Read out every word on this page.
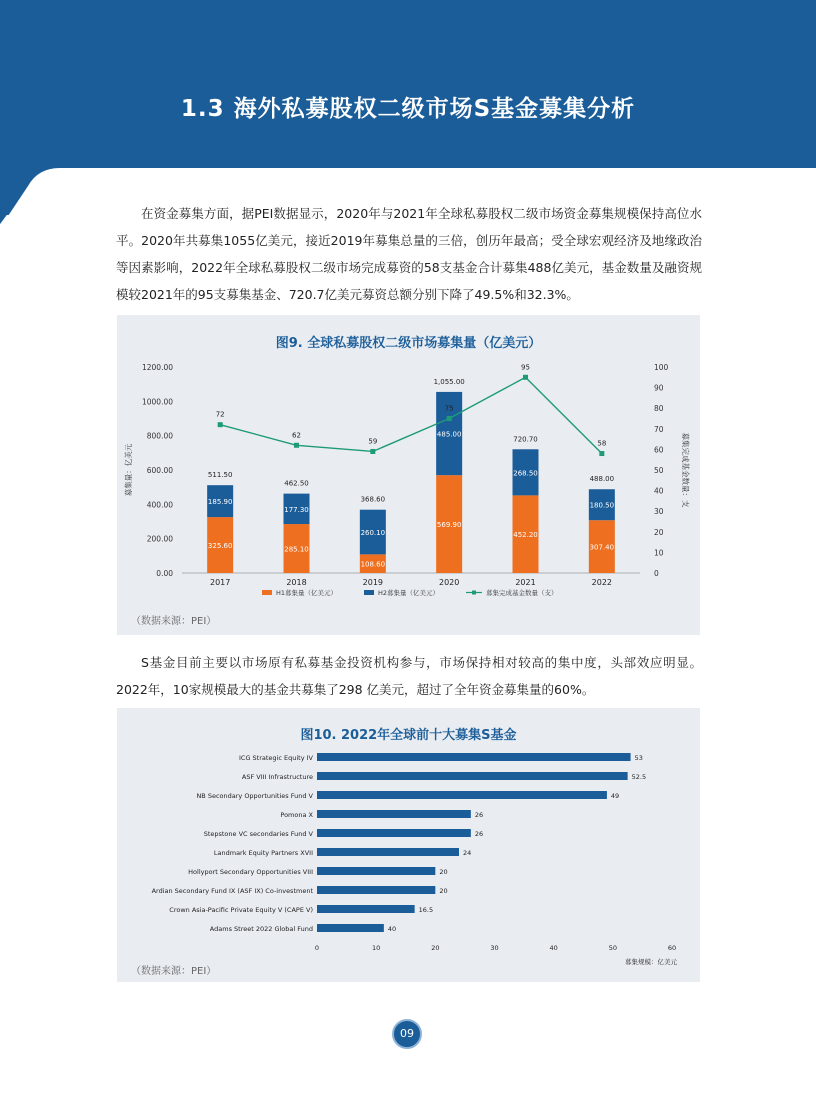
1.3 海外私募股权二级市场S基金募集分析

在资金募集方面，据PEI数据显示，2020年与2021年全球私募股权二级市场资金募集规模保持高位水平。2020年共募集1055亿美元，接近2019年募集总量的三倍，创历年最高；受全球宏观经济及地缘政治等因素影响，2022年全球私募股权二级市场完成募资的58支基金合计募集488亿美元，基金数量及融资规模较2021年的95支募集基金、720.7亿美元募资总额分别下降了49.5%和32.3%。

图9. 全球私募股权二级市场募集量（亿美元）
0.00
200.00
400.00
600.00
800.00
1000.00
1200.00
0
10
20
30
40
50
60
70
80
90
100
募集量：亿美元	募集完成基金数量：支
325.60
185.90
511.50
2017
285.10
177.30
462.50
2018
108.60
260.10
368.60
2019
569.90
485.00
1,055.00
2020
452.20
268.50
720.70
2021
307.40
180.50
488.00
2022
72
62
59
75
95
58
H1募集量（亿美元）	H2募集量（亿美元）	募集完成基金数量（支）
（数据来源：PEI）

S基金目前主要以市场原有私募基金投资机构参与，市场保持相对较高的集中度，头部效应明显。2022年，10家规模最大的基金共募集了298 亿美元，超过了全年资金募集量的60%。

图10. 2022年全球前十大募集S基金
ICG Strategic Equity IV	53
ASF VIII Infrastructure	52.5
NB Secondary Opportunities Fund V	49
Pomona X	26
Stepstone VC secondaries Fund V	26
Landmark Equity Partners XVII	24
Hollyport Secondary Opportunities VIII	20
Ardian Secondary Fund IX (ASF IX) Co-investment	20
Crown Asia-Pacific Private Equity V (CAPE V)	16.5
Adams Street 2022 Global Fund	40
0	10	20	30	40	50	60
募集规模：亿美元
（数据来源：PEI）
09
